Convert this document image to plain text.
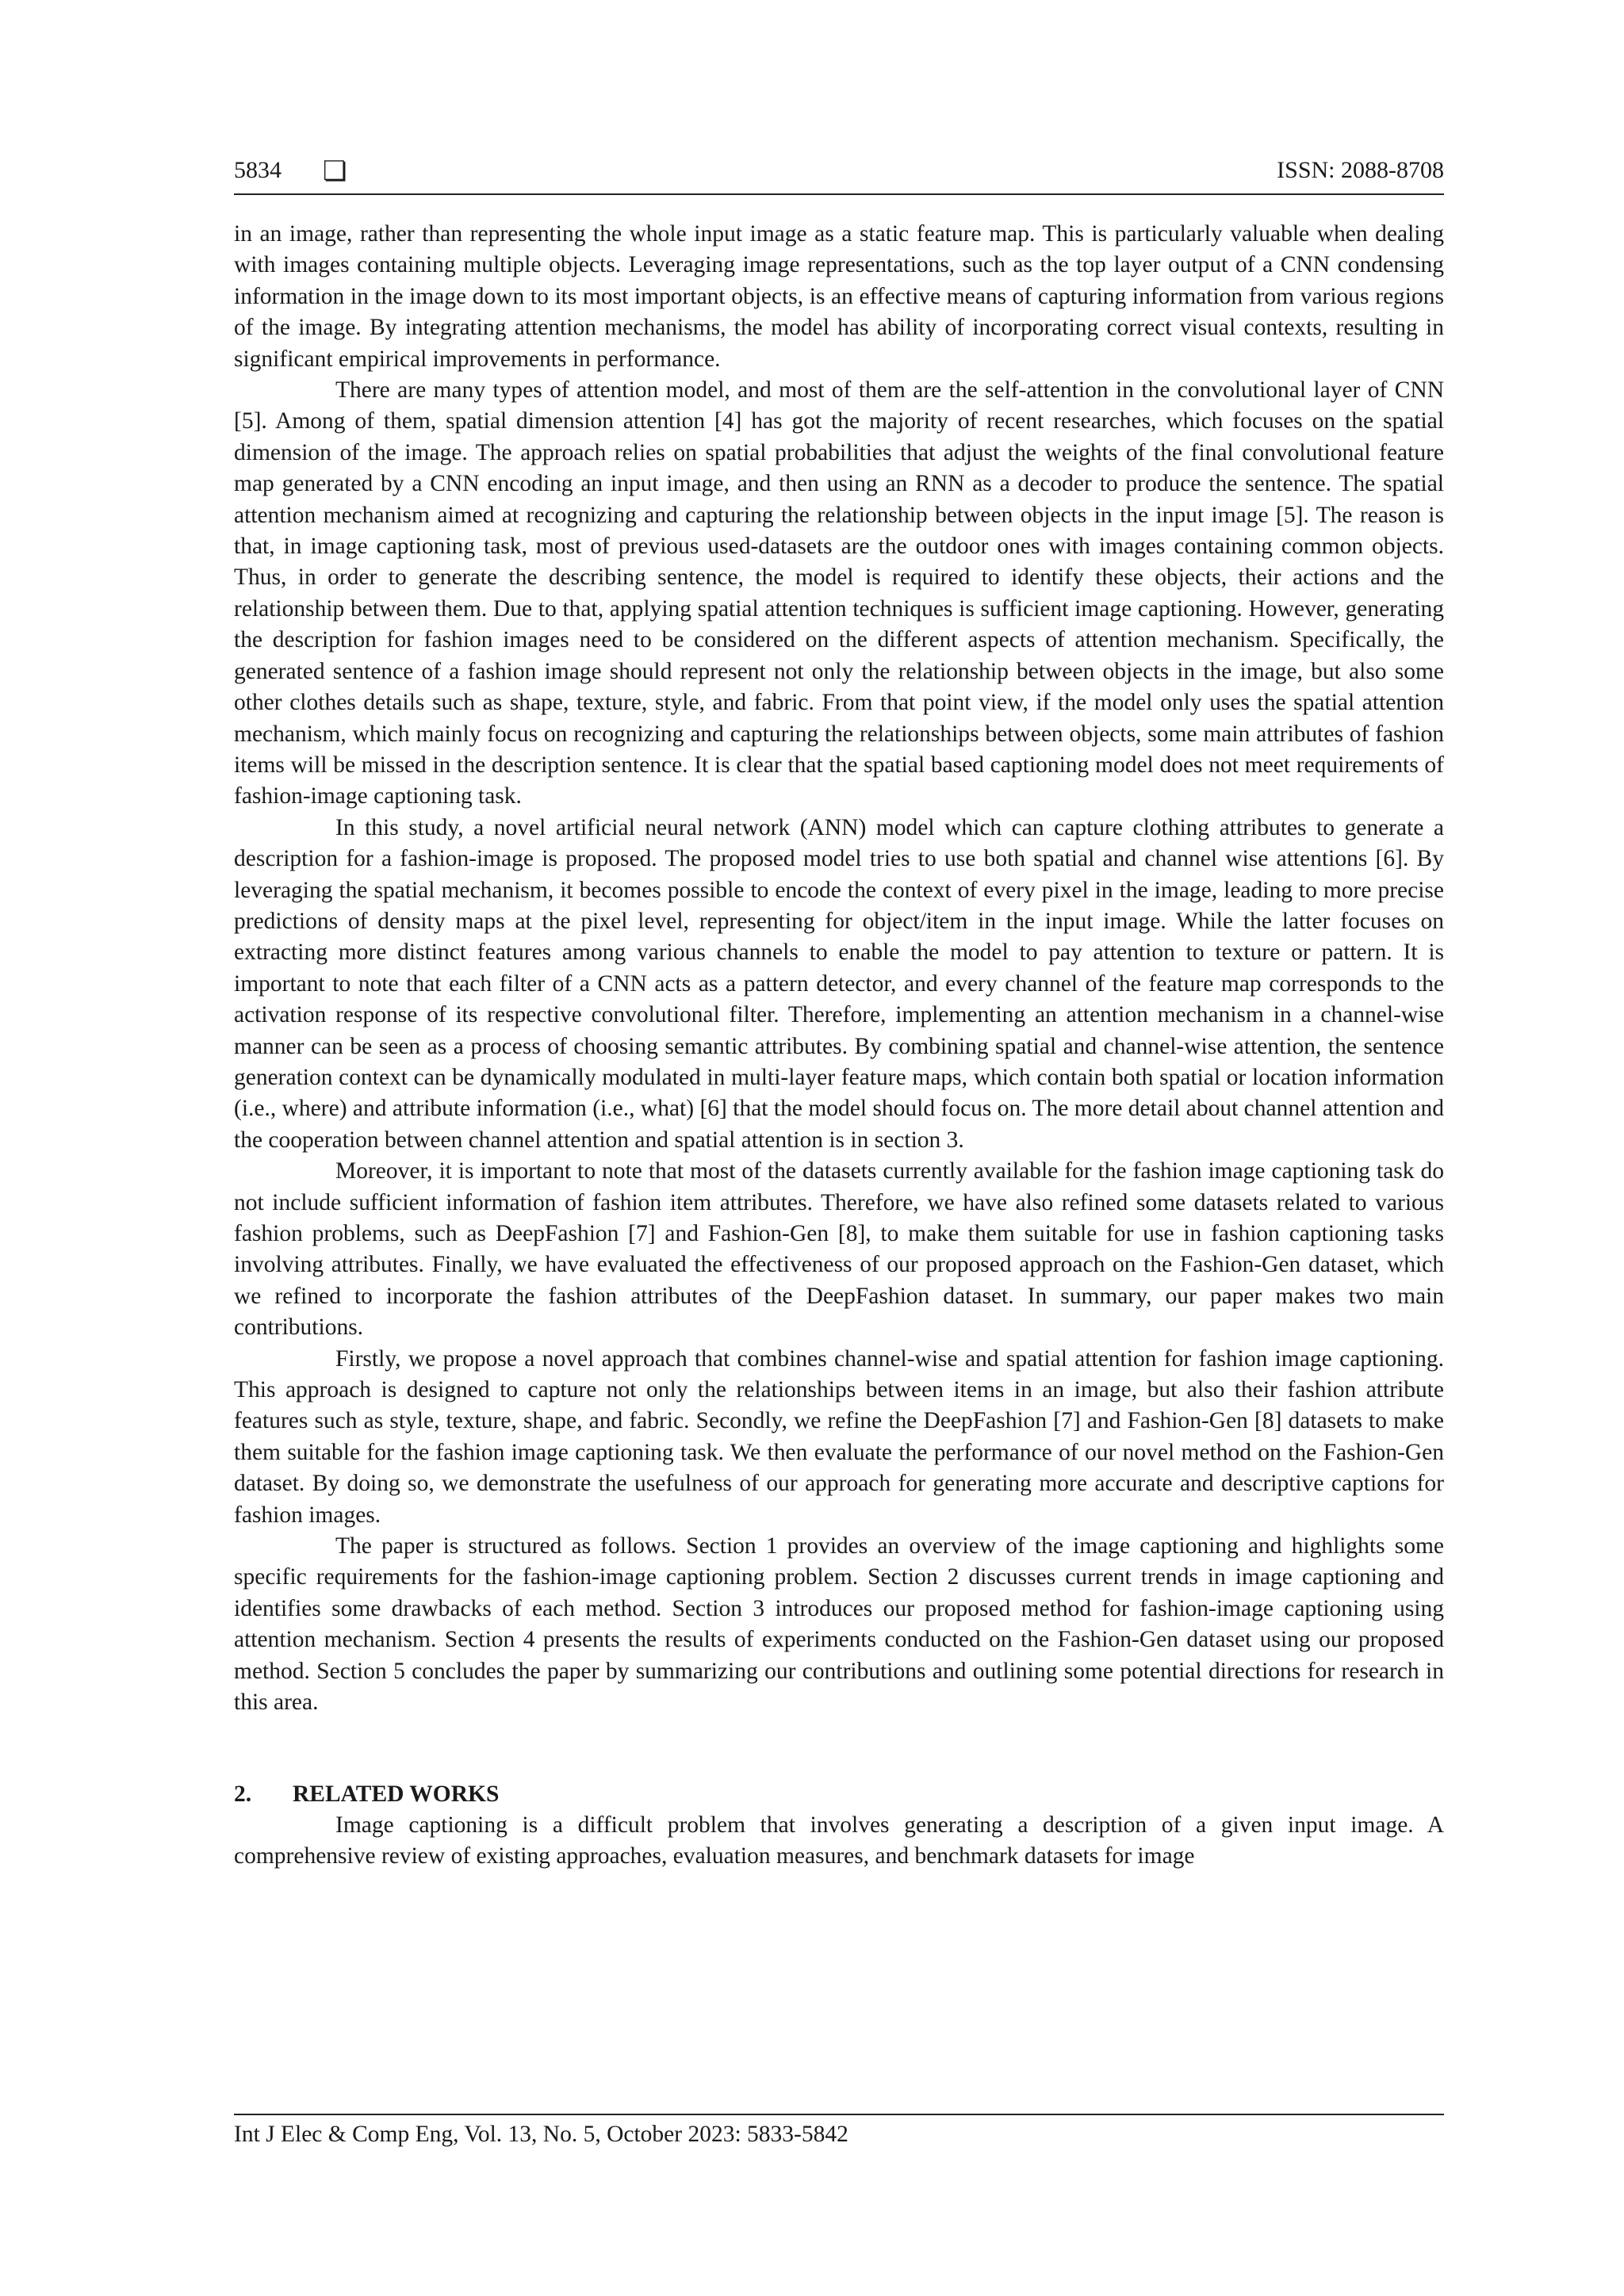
5834 ❏	ISSN: 2088-8708

in an image, rather than representing the whole input image as a static feature map. This is particularly valuable when dealing with images containing multiple objects. Leveraging image representations, such as the top layer output of a CNN condensing information in the image down to its most important objects, is an effective means of capturing information from various regions of the image. By integrating attention mechanisms, the model has ability of incorporating correct visual contexts, resulting in significant empirical improvements in performance.

There are many types of attention model, and most of them are the self-attention in the convolutional layer of CNN [5]. Among of them, spatial dimension attention [4] has got the majority of recent researches, which focuses on the spatial dimension of the image. The approach relies on spatial probabilities that adjust the weights of the final convolutional feature map generated by a CNN encoding an input image, and then using an RNN as a decoder to produce the sentence. The spatial attention mechanism aimed at recognizing and capturing the relationship between objects in the input image [5]. The reason is that, in image captioning task, most of previous used-datasets are the outdoor ones with images containing common objects. Thus, in order to generate the describing sentence, the model is required to identify these objects, their actions and the relationship between them. Due to that, applying spatial attention techniques is sufficient image captioning. However, generating the description for fashion images need to be considered on the different aspects of attention mechanism. Specifically, the generated sentence of a fashion image should represent not only the relationship between objects in the image, but also some other clothes details such as shape, texture, style, and fabric. From that point view, if the model only uses the spatial attention mechanism, which mainly focus on recognizing and capturing the relationships between objects, some main attributes of fashion items will be missed in the description sentence. It is clear that the spatial based captioning model does not meet requirements of fashion-image captioning task.

In this study, a novel artificial neural network (ANN) model which can capture clothing attributes to generate a description for a fashion-image is proposed. The proposed model tries to use both spatial and channel wise attentions [6]. By leveraging the spatial mechanism, it becomes possible to encode the context of every pixel in the image, leading to more precise predictions of density maps at the pixel level, representing for object/item in the input image. While the latter focuses on extracting more distinct features among various channels to enable the model to pay attention to texture or pattern. It is important to note that each filter of a CNN acts as a pattern detector, and every channel of the feature map corresponds to the activation response of its respective convolutional filter. Therefore, implementing an attention mechanism in a channel-wise manner can be seen as a process of choosing semantic attributes. By combining spatial and channel-wise attention, the sentence generation context can be dynamically modulated in multi-layer feature maps, which contain both spatial or location information (i.e., where) and attribute information (i.e., what) [6] that the model should focus on. The more detail about channel attention and the cooperation between channel attention and spatial attention is in section 3.

Moreover, it is important to note that most of the datasets currently available for the fashion image captioning task do not include sufficient information of fashion item attributes. Therefore, we have also refined some datasets related to various fashion problems, such as DeepFashion [7] and Fashion-Gen [8], to make them suitable for use in fashion captioning tasks involving attributes. Finally, we have evaluated the effectiveness of our proposed approach on the Fashion-Gen dataset, which we refined to incorporate the fashion attributes of the DeepFashion dataset. In summary, our paper makes two main contributions.

Firstly, we propose a novel approach that combines channel-wise and spatial attention for fashion image captioning. This approach is designed to capture not only the relationships between items in an image, but also their fashion attribute features such as style, texture, shape, and fabric. Secondly, we refine the DeepFashion [7] and Fashion-Gen [8] datasets to make them suitable for the fashion image captioning task. We then evaluate the performance of our novel method on the Fashion-Gen dataset. By doing so, we demonstrate the usefulness of our approach for generating more accurate and descriptive captions for fashion images.

The paper is structured as follows. Section 1 provides an overview of the image captioning and highlights some specific requirements for the fashion-image captioning problem. Section 2 discusses current trends in image captioning and identifies some drawbacks of each method. Section 3 introduces our proposed method for fashion-image captioning using attention mechanism. Section 4 presents the results of experiments conducted on the Fashion-Gen dataset using our proposed method. Section 5 concludes the paper by summarizing our contributions and outlining some potential directions for research in this area.

2. RELATED WORKS

Image captioning is a difficult problem that involves generating a description of a given input image. A comprehensive review of existing approaches, evaluation measures, and benchmark datasets for image

Int J Elec & Comp Eng, Vol. 13, No. 5, October 2023: 5833-5842
